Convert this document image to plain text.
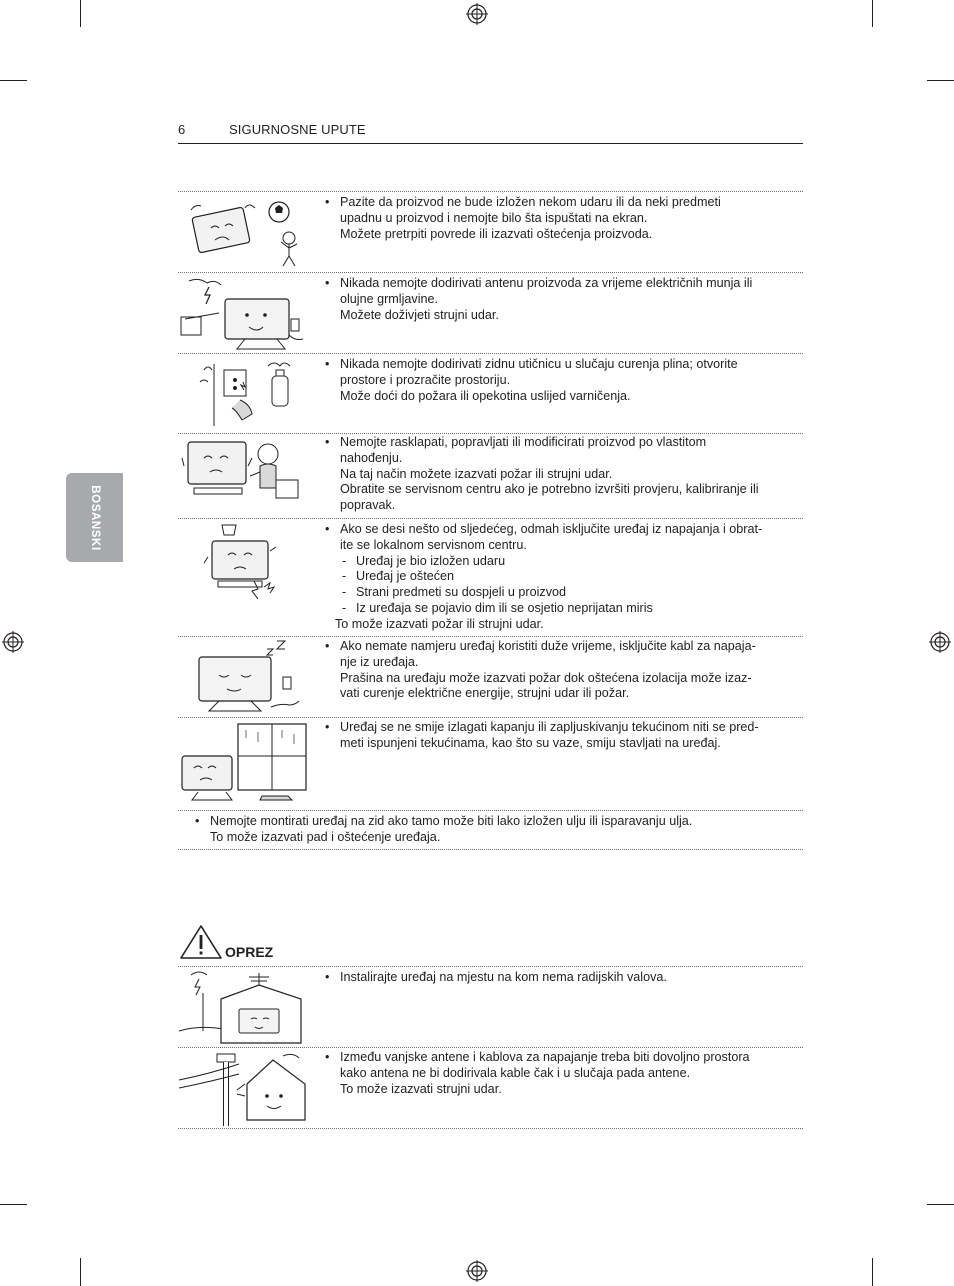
6	SIGURNOSNE UPUTE
BOSANSKI
• Pazite da proizvod ne bude izložen nekom udaru ili da neki predmeti

upadnu u proizvod i nemojte bilo šta ispuštati na ekran.

Možete pretrpiti povrede ili izazvati oštećenja proizvoda.

• Nikada nemojte dodirivati antenu proizvoda za vrijeme električnih munja ili

olujne grmljavine.

Možete doživjeti strujni udar.

• Nikada nemojte dodirivati zidnu utičnicu u slučaju curenja plina; otvorite

prostore i prozračite prostoriju.

Može doći do požara ili opekotina uslijed varničenja.

• Nemojte rasklapati, popravljati ili modificirati proizvod po vlastitom

nahođenju.

Na taj način možete izazvati požar ili strujni udar.

Obratite se servisnom centru ako je potrebno izvršiti provjeru, kalibriranje ili

popravak.

• Ako se desi nešto od sljedećeg, odmah isključite uređaj iz napajanja i obrat-

ite se lokalnom servisnom centru.

- Uređaj je bio izložen udaru

- Uređaj je oštećen

- Strani predmeti su dospjeli u proizvod

- Iz uređaja se pojavio dim ili se osjetio neprijatan miris

To može izazvati požar ili strujni udar.

• Ako nemate namjeru uređaj koristiti duže vrijeme, isključite kabl za napaja-

nje iz uređaja.

Prašina na uređaju može izazvati požar dok oštećena izolacija može izaz-

vati curenje električne energije, strujni udar ili požar.

• Uređaj se ne smije izlagati kapanju ili zapljuskivanju tekućinom niti se pred-

meti ispunjeni tekućinama, kao što su vaze, smiju stavljati na uređaj.

• Nemojte montirati uređaj na zid ako tamo može biti lako izložen ulju ili isparavanju ulja.

To može izazvati pad i oštećenje uređaja.

OPREZ
• Instalirajte uređaj na mjestu na kom nema radijskih valova.

• Između vanjske antene i kablova za napajanje treba biti dovoljno prostora

kako antena ne bi dodirivala kable čak i u slučaja pada antene.

To može izazvati strujni udar.
